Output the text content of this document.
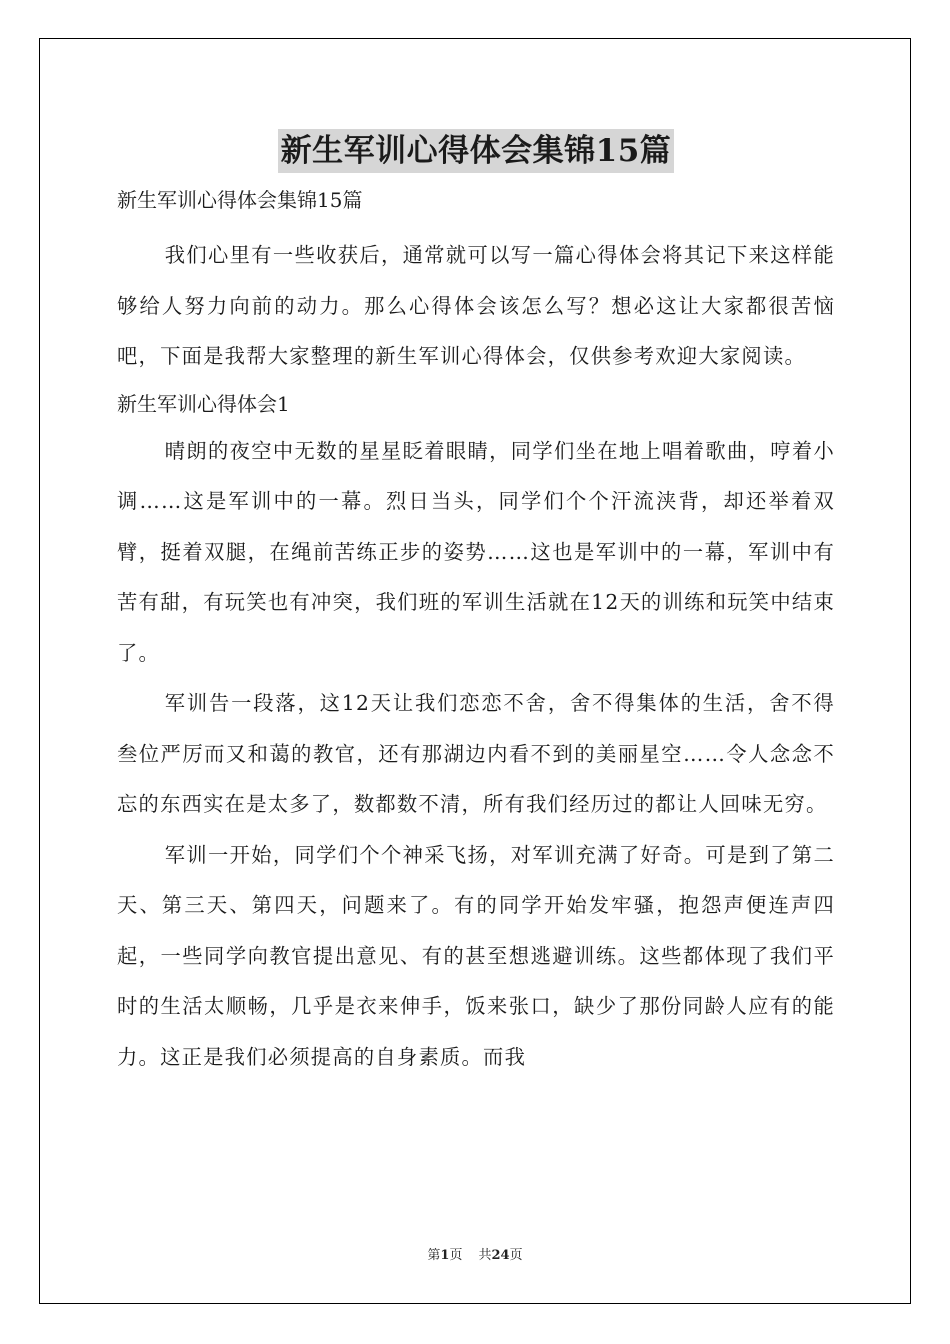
新生军训心得体会集锦15篇

新生军训心得体会集锦15篇

我们心里有一些收获后，通常就可以写一篇心得体会将其记下来这样能够给人努力向前的动力。那么心得体会该怎么写？想必这让大家都很苦恼吧，下面是我帮大家整理的新生军训心得体会，仅供参考欢迎大家阅读。

新生军训心得体会1

晴朗的夜空中无数的星星眨着眼睛，同学们坐在地上唱着歌曲，哼着小调……这是军训中的一幕。烈日当头，同学们个个汗流浃背，却还举着双臂，挺着双腿，在绳前苦练正步的姿势……这也是军训中的一幕，军训中有苦有甜，有玩笑也有冲突，我们班的军训生活就在12天的训练和玩笑中结束了。

军训告一段落，这12天让我们恋恋不舍，舍不得集体的生活，舍不得叁位严厉而又和蔼的教官，还有那湖边内看不到的美丽星空……令人念念不忘的东西实在是太多了，数都数不清，所有我们经历过的都让人回味无穷。

军训一开始，同学们个个神采飞扬，对军训充满了好奇。可是到了第二天、第三天、第四天，问题来了。有的同学开始发牢骚，抱怨声便连声四起，一些同学向教官提出意见、有的甚至想逃避训练。这些都体现了我们平时的生活太顺畅，几乎是衣来伸手，饭来张口，缺少了那份同龄人应有的能力。这正是我们必须提高的自身素质。而我

第1页 共24页
